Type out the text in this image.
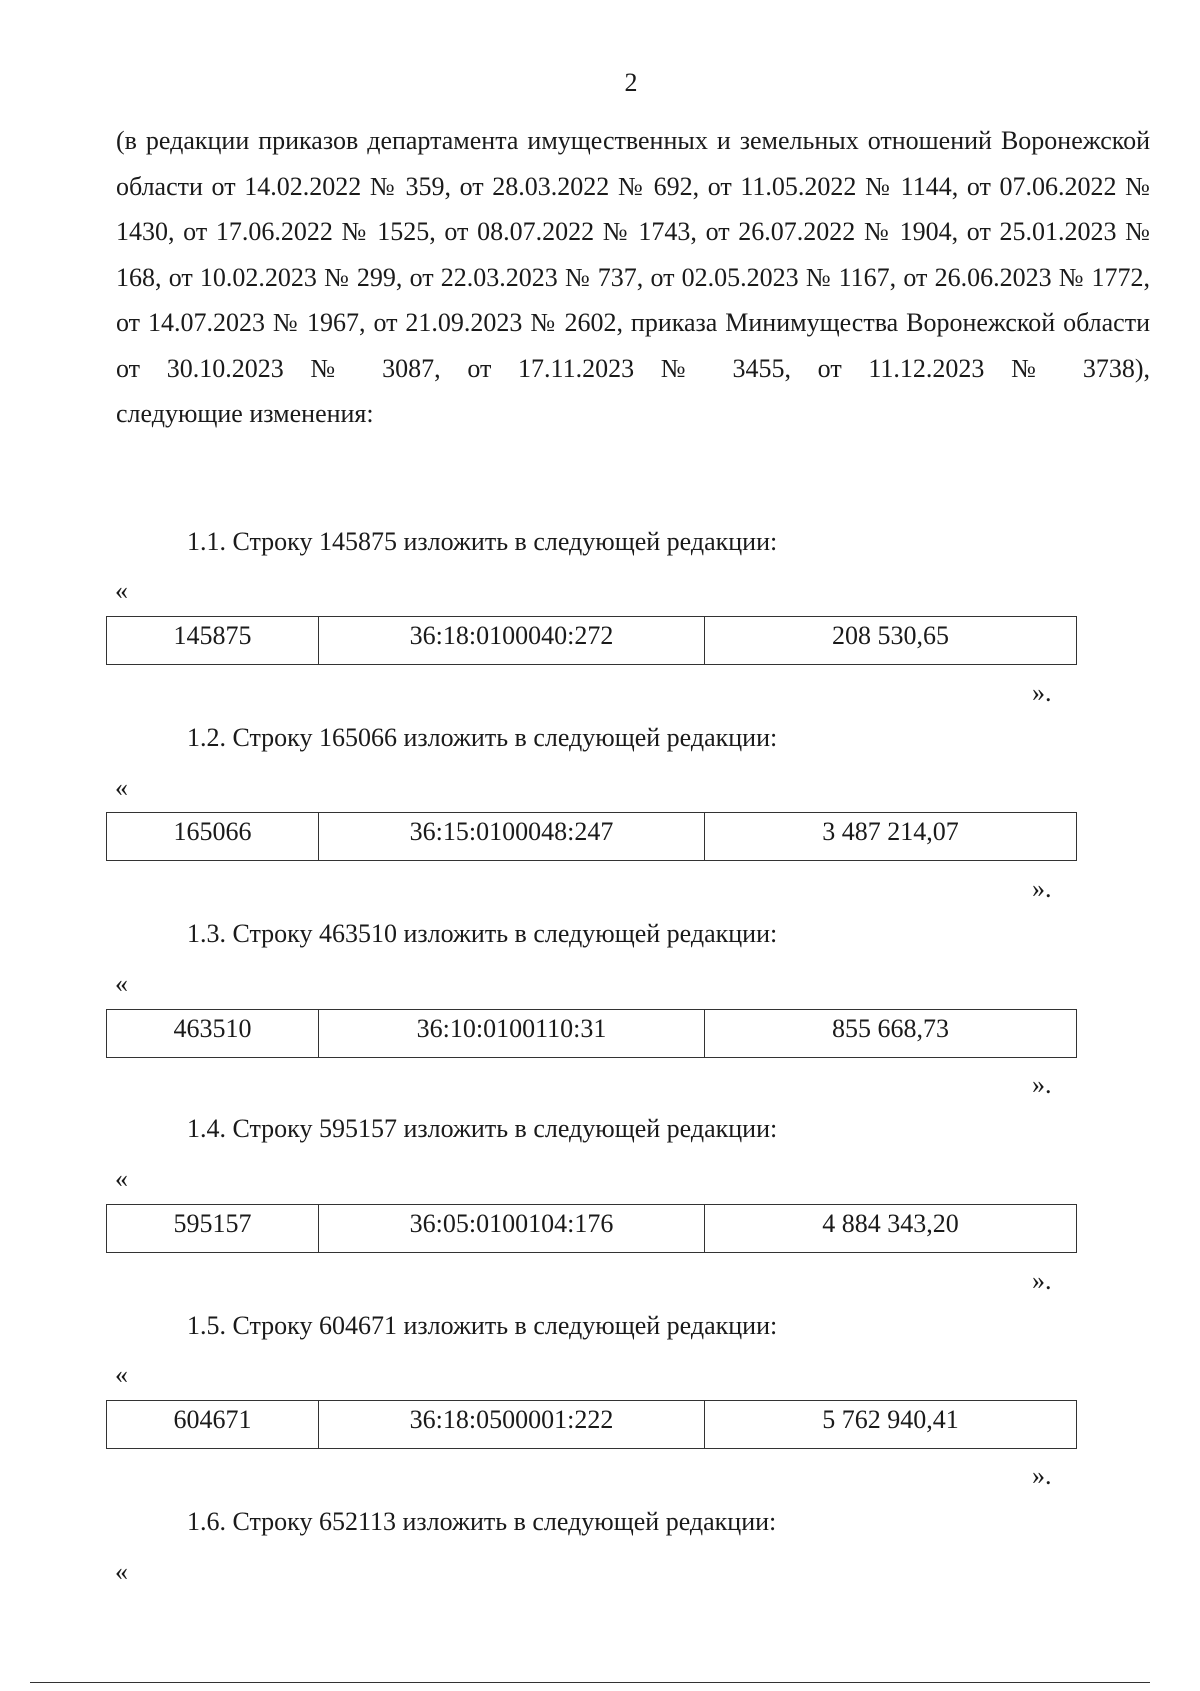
2

(в редакции приказов департамента имущественных и земельных отношений Воронежской области от 14.02.2022 № 359, от 28.03.2022 № 692, от 11.05.2022 № 1144, от 07.06.2022 № 1430, от 17.06.2022 № 1525, от 08.07.2022 № 1743, от 26.07.2022 № 1904, от 25.01.2023 № 168, от 10.02.2023 № 299, от 22.03.2023 № 737, от 02.05.2023 № 1167, от 26.06.2023 № 1772, от 14.07.2023 № 1967, от 21.09.2023 № 2602, приказа Минимущества Воронежской области от 30.10.2023 № 3087, от 17.11.2023 № 3455, от 11.12.2023 № 3738),
следующие изменения:

1.1. Строку 145875 изложить в следующей редакции:

«
145875	36:18:0100040:272	208 530,65
».

1.2. Строку 165066 изложить в следующей редакции:

«
165066	36:15:0100048:247	3 487 214,07
».

1.3. Строку 463510 изложить в следующей редакции:

«
463510	36:10:0100110:31	855 668,73
».

1.4. Строку 595157 изложить в следующей редакции:

«
595157	36:05:0100104:176	4 884 343,20
».

1.5. Строку 604671 изложить в следующей редакции:

«
604671	36:18:0500001:222	5 762 940,41
».

1.6. Строку 652113 изложить в следующей редакции:

«
